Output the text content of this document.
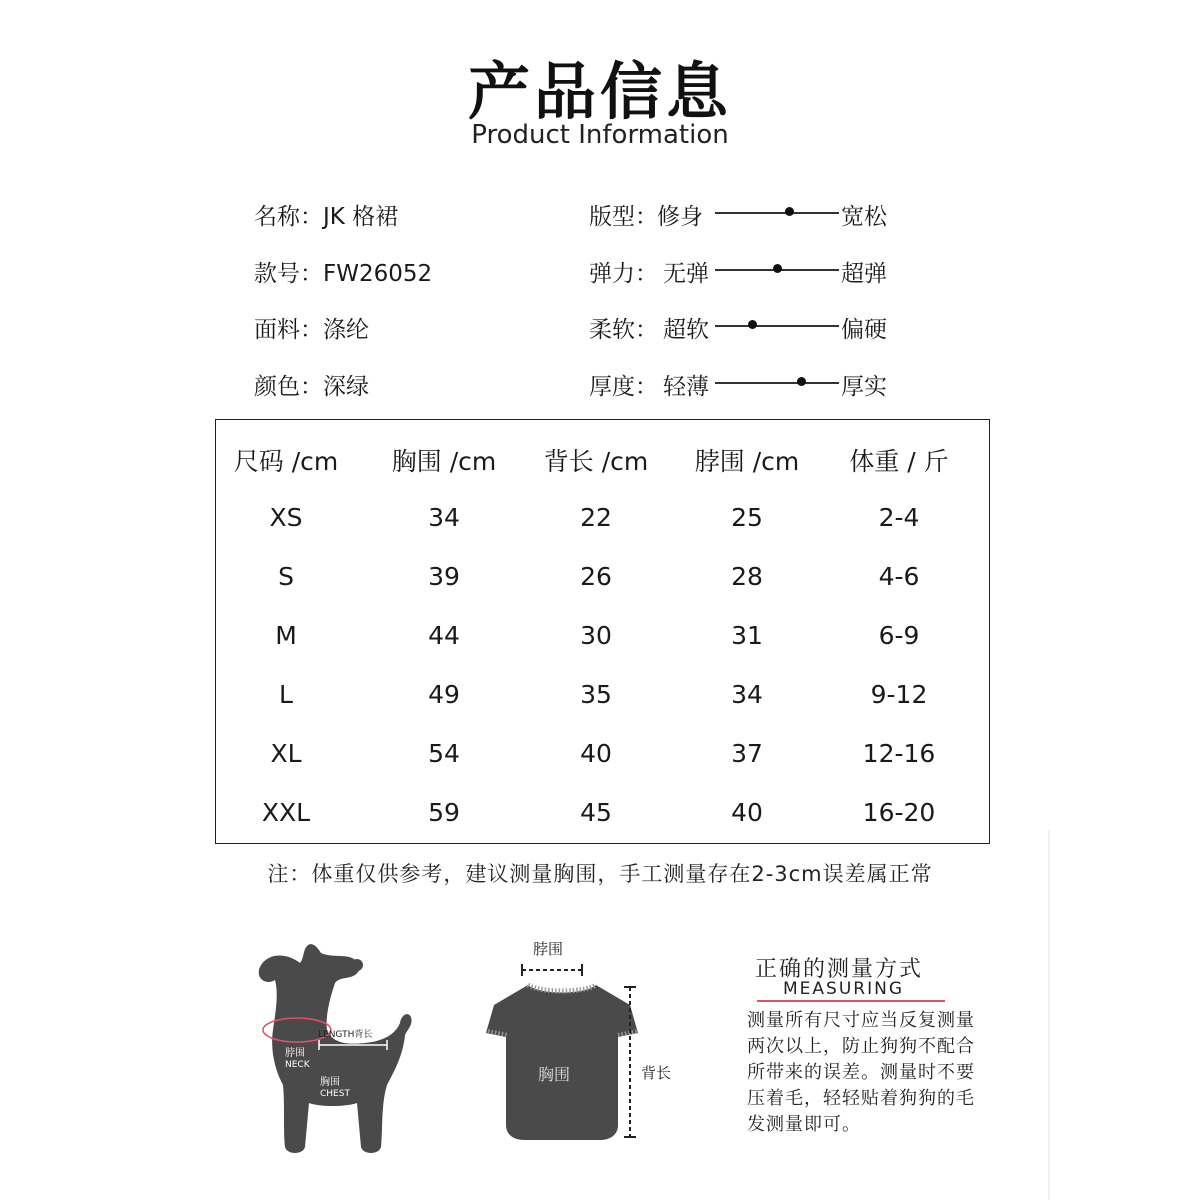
产品信息
Product Information
名称：JK 格裙
款号：FW26052
面料：涤纶
颜色：深绿
版型： 修身	宽松
弹力： 无弹	超弹
柔软： 超软	偏硬
厚度： 轻薄	厚实
尺码 /cm	胸围 /cm	背长 /cm	脖围 /cm	体重 / 斤
XS	34	22	25	2-4
S	39	26	28	4-6
M	44	30	31	6-9
L	49	35	34	9-12
XL	54	40	37	12-16
XXL	59	45	40	16-20
注：体重仅供参考，建议测量胸围，手工测量存在2-3cm误差属正常
LENGTH背长
脖围
NECK
胸围
CHEST
脖围
胸围	背长
正确的测量方式
MEASURING
测量所有尺寸应当反复测量两次以上，防止狗狗不配合所带来的误差。测量时不要压着毛，轻轻贴着狗狗的毛发测量即可。
